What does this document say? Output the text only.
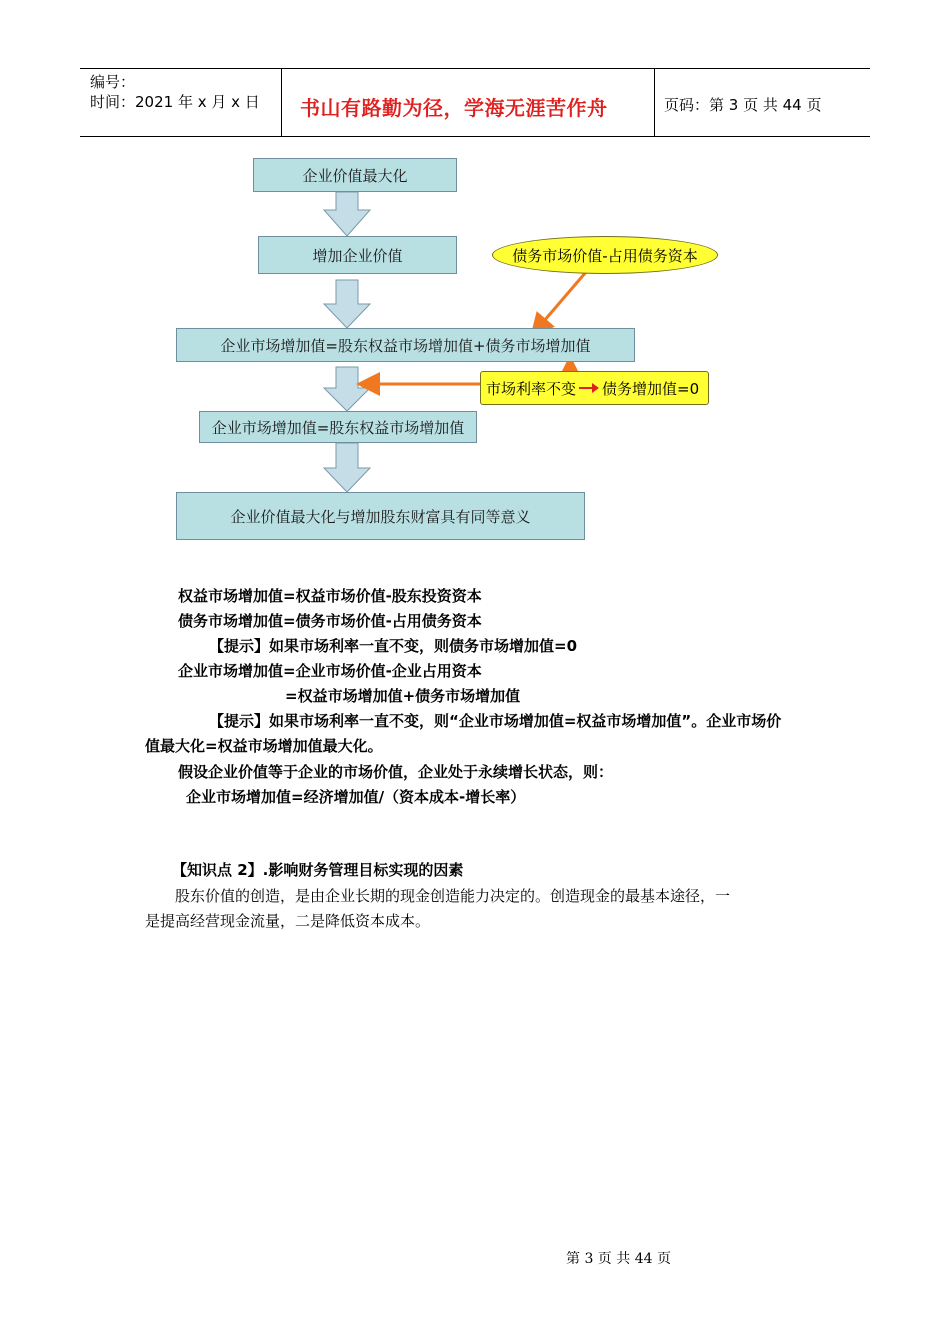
编号：
时间：2021 年 x 月 x 日 书山有路勤为径，学海无涯苦作舟	页码：第 3 页 共 44 页
企业价值最大化
增加企业价值
企业市场增加值=股东权益市场增加值+债务市场增加值
企业市场增加值=股东权益市场增加值
企业价值最大化与增加股东财富具有同等意义
债务市场价值-占用债务资本
市场利率不变 债务增加值=0
权益市场增加值=权益市场价值-股东投资资本
债务市场增加值=债务市场价值-占用债务资本
【提示】如果市场利率一直不变，则债务市场增加值=0
企业市场增加值=企业市场价值-企业占用资本
=权益市场增加值+债务市场增加值
【提示】如果市场利率一直不变，则“企业市场增加值=权益市场增加值”。企业市场价
值最大化=权益市场增加值最大化。
假设企业价值等于企业的市场价值，企业处于永续增长状态，则：
企业市场增加值=经济增加值/（资本成本-增长率）
【知识点 2】.影响财务管理目标实现的因素
股东价值的创造，是由企业长期的现金创造能力决定的。创造现金的最基本途径，一
是提高经营现金流量，二是降低资本成本。
第 3 页 共 44 页
